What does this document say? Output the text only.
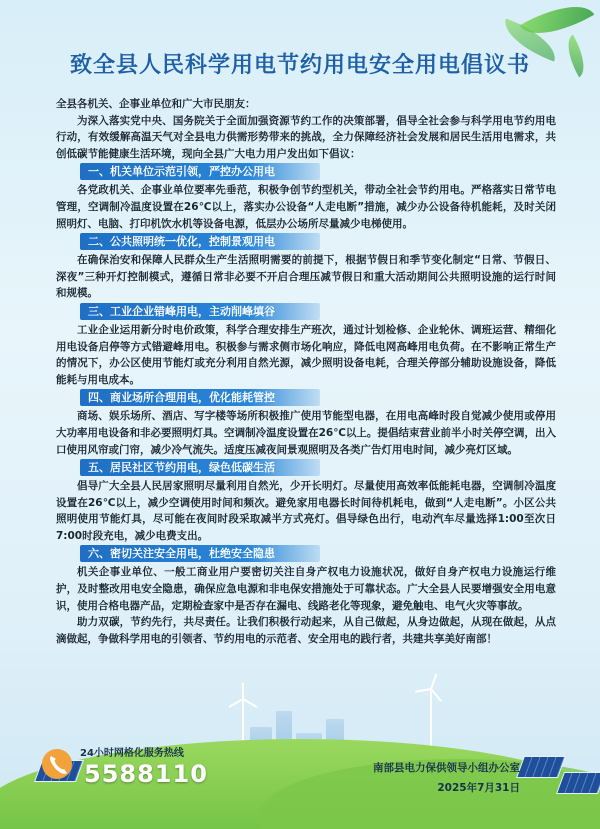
致全县人民科学用电节约用电安全用电倡议书

全县各机关、企事业单位和广大市民朋友：

为深入落实党中央、国务院关于全面加强资源节约工作的决策部署，倡导全社会参与科学用电节约用电行动，有效缓解高温天气对全县电力供需形势带来的挑战，全力保障经济社会发展和居民生活用电需求，共创低碳节能健康生活环境，现向全县广大电力用户发出如下倡议：

一、机关单位示范引领，严控办公用电

各党政机关、企事业单位要率先垂范，积极争创节约型机关，带动全社会节约用电。严格落实日常节电管理，空调制冷温度设置在26℃以上，落实办公设备“人走电断”措施，减少办公设备待机能耗，及时关闭照明灯、电脑、打印机饮水机等设备电源，低层办公场所尽量减少电梯使用。

二、公共照明统一优化，控制景观用电

在确保治安和保障人民群众生产生活照明需要的前提下，根据节假日和季节变化制定“日常、节假日、深夜”三种开灯控制模式，遵循日常非必要不开启合理压减节假日和重大活动期间公共照明设施的运行时间和规模。

三、工业企业错峰用电，主动削峰填谷

工业企业运用新分时电价政策，科学合理安排生产班次，通过计划检修、企业轮休、调班运营、精细化用电设备启停等方式错避峰用电。积极参与需求侧市场化响应，降低电网高峰用电负荷。在不影响正常生产的情况下，办公区使用节能灯或充分利用自然光源，减少照明设备电耗，合理关停部分辅助设施设备，降低能耗与用电成本。

四、商业场所合理用电，优化能耗管控

商场、娱乐场所、酒店、写字楼等场所积极推广使用节能型电器，在用电高峰时段自觉减少使用或停用大功率用电设备和非必要照明灯具。空调制冷温度设置在26℃以上。提倡结束营业前半小时关停空调，出入口使用风帘或门帘，减少冷气流失。适度压减夜间景观照明及各类广告灯用电时间，减少亮灯区域。

五、居民社区节约用电，绿色低碳生活

倡导广大全县人民居家照明尽量利用自然光，少开长明灯。尽量使用高效率低能耗电器，空调制冷温度设置在26℃以上，减少空调使用时间和频次。避免家用电器长时间待机耗电，做到“人走电断”。小区公共照明使用节能灯具，尽可能在夜间时段采取减半方式亮灯。倡导绿色出行，电动汽车尽量选择1:00至次日7:00时段充电，减少电费支出。

六、密切关注安全用电，杜绝安全隐患

机关企事业单位、一般工商业用户要密切关注自身产权电力设施状况，做好自身产权电力设施运行维护，及时整改用电安全隐患，确保应急电源和非电保安措施处于可靠状态。广大全县人民要增强安全用电意识，使用合格电器产品，定期检查家中是否存在漏电、线路老化等现象，避免触电、电气火灾等事故。

助力双碳，节约先行，共尽责任。让我们积极行动起来，从自己做起，从身边做起，从现在做起，从点滴做起，争做科学用电的引领者、节约用电的示范者、安全用电的践行者，共建共享美好南部！

24小时网格化服务热线
5588110	南部县电力保供领导小组办公室
2025年7月31日
